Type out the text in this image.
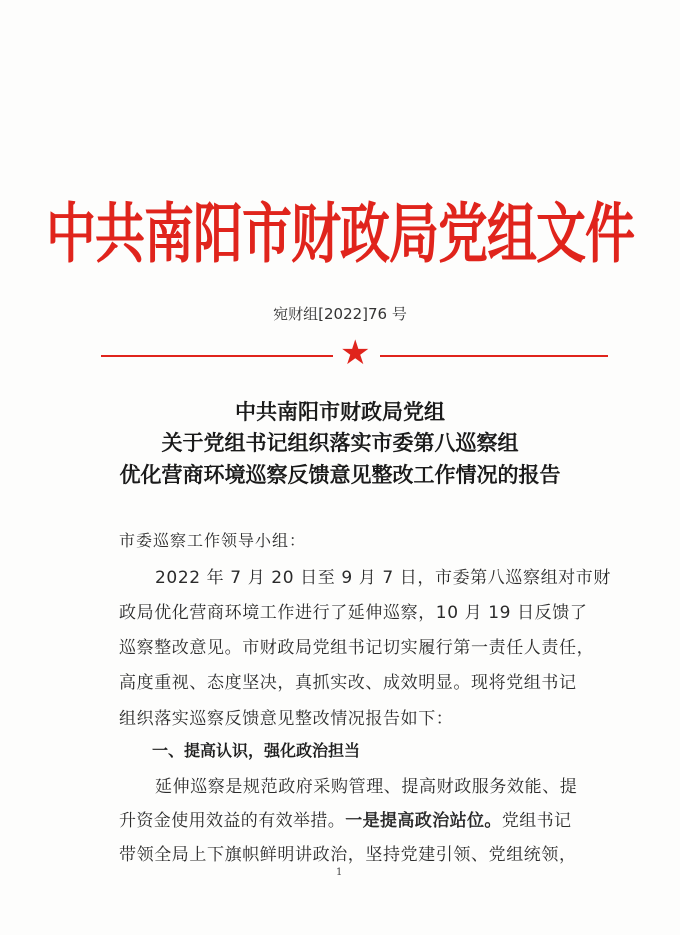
中共南阳市财政局党组文件
宛财组[2022]76 号
★
中共南阳市财政局党组
关于党组书记组织落实市委第八巡察组
优化营商环境巡察反馈意见整改工作情况的报告
市委巡察工作领导小组：
2022 年 7 月 20 日至 9 月 7 日，市委第八巡察组对市财
政局优化营商环境工作进行了延伸巡察，10 月 19 日反馈了
巡察整改意见。市财政局党组书记切实履行第一责任人责任，
高度重视、态度坚决，真抓实改、成效明显。现将党组书记
组织落实巡察反馈意见整改情况报告如下：
一、提高认识，强化政治担当
延伸巡察是规范政府采购管理、提高财政服务效能、提
升资金使用效益的有效举措。一是提高政治站位。党组书记
带领全局上下旗帜鲜明讲政治，坚持党建引领、党组统领，
1
